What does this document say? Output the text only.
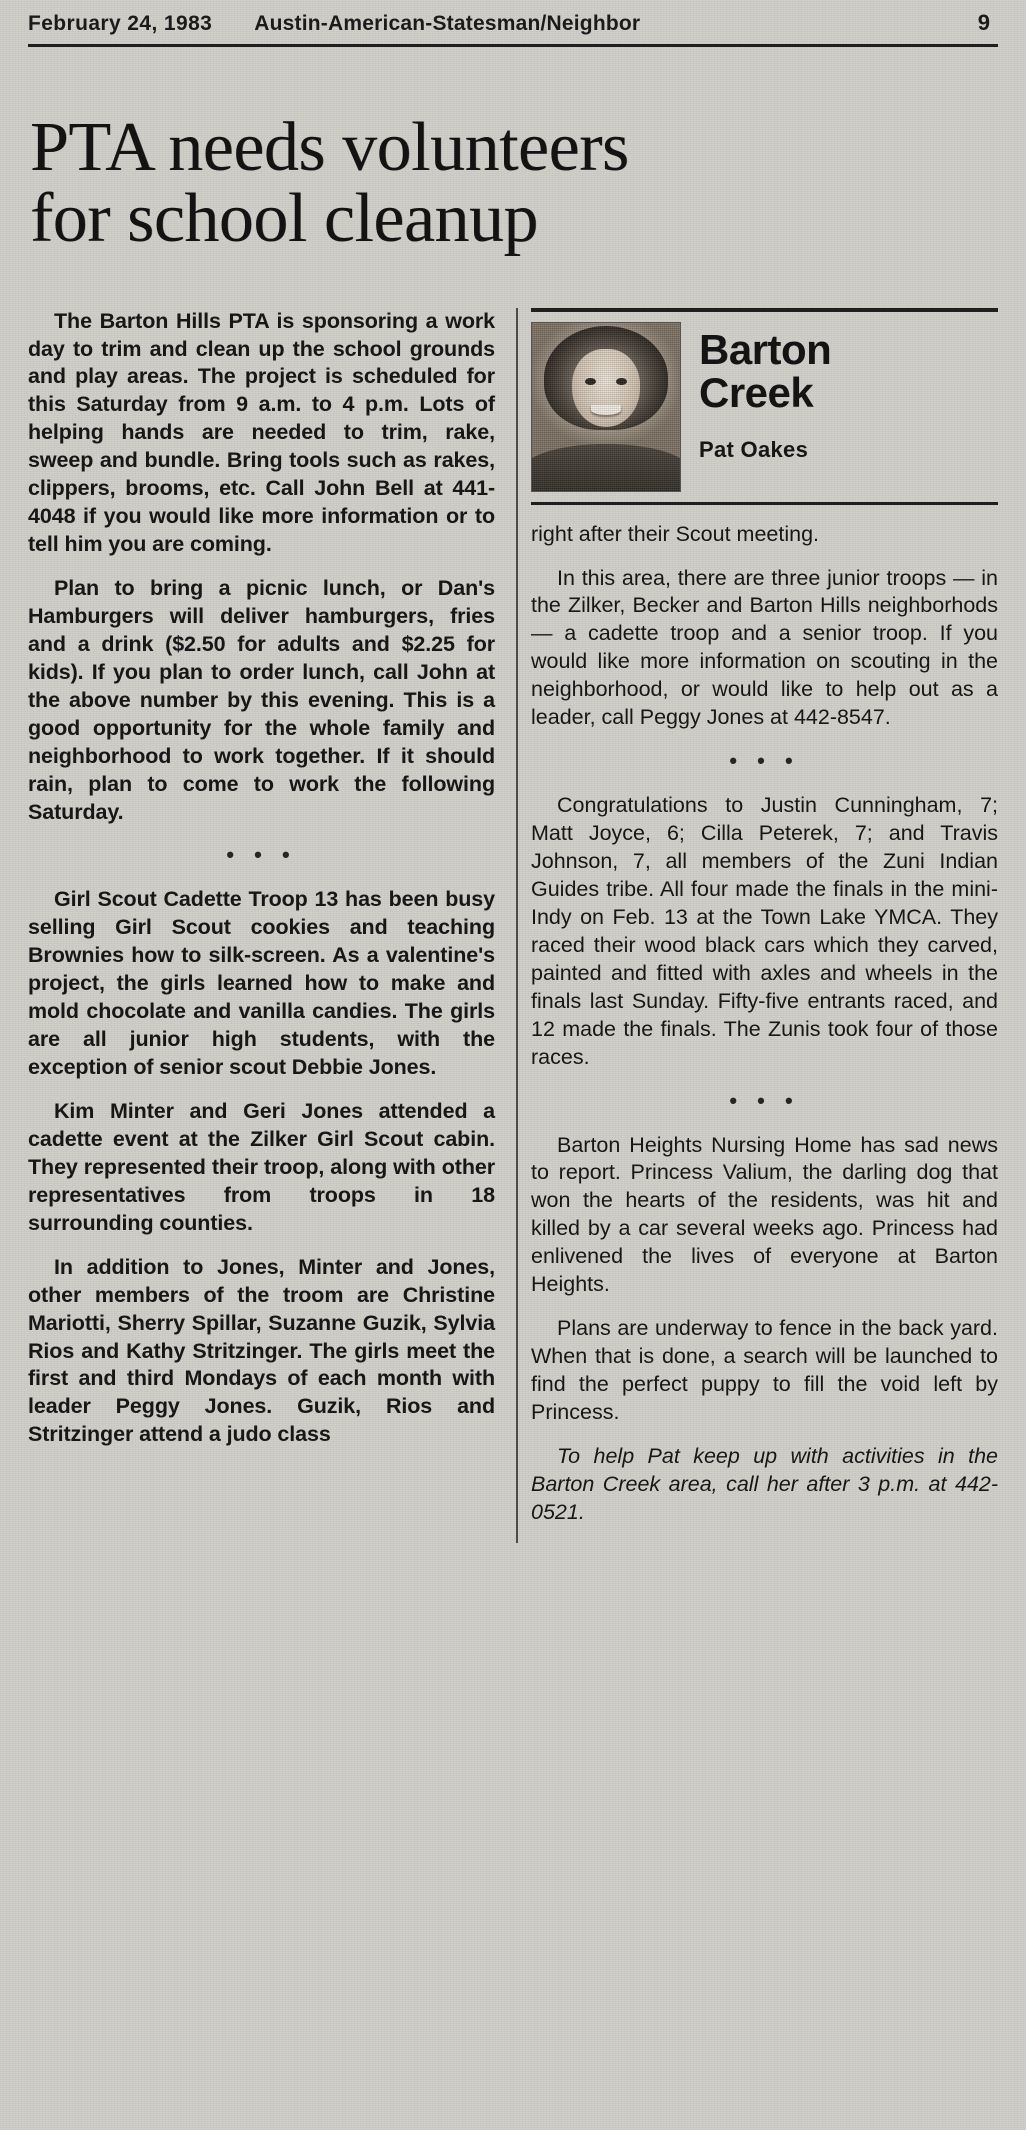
February 24, 1983 Austin-American-Statesman/Neighbor	9
PTA needs volunteers
for school cleanup

The Barton Hills PTA is sponsoring a work day to trim and clean up the school grounds and play areas. The project is scheduled for this Saturday from 9 a.m. to 4 p.m. Lots of helping hands are needed to trim, rake, sweep and bundle. Bring tools such as rakes, clippers, brooms, etc. Call John Bell at 441-4048 if you would like more information or to tell him you are coming.

Plan to bring a picnic lunch, or Dan's Hamburgers will deliver hamburgers, fries and a drink ($2.50 for adults and $2.25 for kids). If you plan to order lunch, call John at the above number by this evening. This is a good opportunity for the whole family and neighborhood to work together. If it should rain, plan to come to work the following Saturday.

• • •

Girl Scout Cadette Troop 13 has been busy selling Girl Scout cookies and teaching Brownies how to silk-screen. As a valentine's project, the girls learned how to make and mold chocolate and vanilla candies. The girls are all junior high students, with the exception of senior scout Debbie Jones.

Kim Minter and Geri Jones attended a cadette event at the Zilker Girl Scout cabin. They represented their troop, along with other representatives from troops in 18 surrounding counties.

In addition to Jones, Minter and Jones, other members of the troom are Christine Mariotti, Sherry Spillar, Suzanne Guzik, Sylvia Rios and Kathy Stritzinger. The girls meet the first and third Mondays of each month with leader Peggy Jones. Guzik, Rios and Stritzinger attend a judo class

Barton
Creek
Pat Oakes

right after their Scout meeting.

In this area, there are three junior troops — in the Zilker, Becker and Barton Hills neighborhods — a cadette troop and a senior troop. If you would like more information on scouting in the neighborhood, or would like to help out as a leader, call Peggy Jones at 442-8547.

• • •

Congratulations to Justin Cunningham, 7; Matt Joyce, 6; Cilla Peterek, 7; and Travis Johnson, 7, all members of the Zuni Indian Guides tribe. All four made the finals in the mini-Indy on Feb. 13 at the Town Lake YMCA. They raced their wood black cars which they carved, painted and fitted with axles and wheels in the finals last Sunday. Fifty-five entrants raced, and 12 made the finals. The Zunis took four of those races.

• • •

Barton Heights Nursing Home has sad news to report. Princess Valium, the darling dog that won the hearts of the residents, was hit and killed by a car several weeks ago. Princess had enlivened the lives of everyone at Barton Heights.

Plans are underway to fence in the back yard. When that is done, a search will be launched to find the perfect puppy to fill the void left by Princess.

To help Pat keep up with activities in the Barton Creek area, call her after 3 p.m. at 442-0521.
